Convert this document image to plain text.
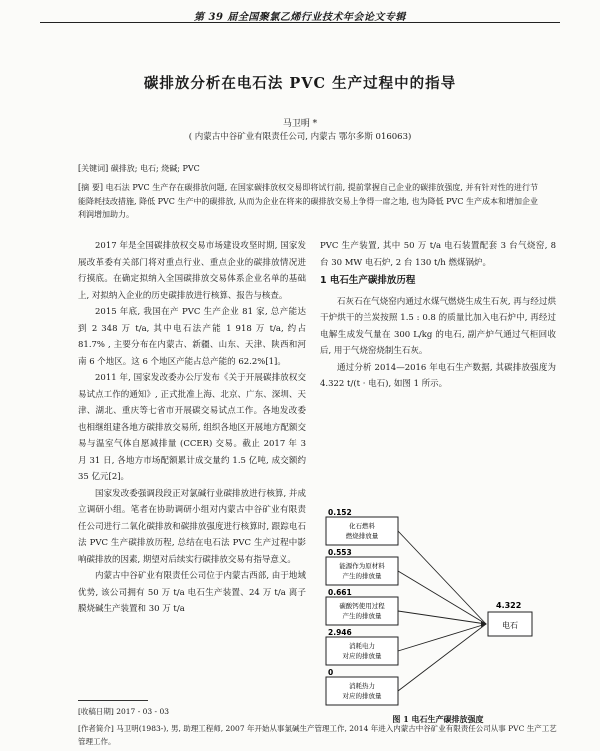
第 39 届全国聚氯乙烯行业技术年会论文专辑
碳排放分析在电石法 PVC 生产过程中的指导
马卫明 *
( 内蒙古中谷矿业有限责任公司, 内蒙古 鄂尔多斯 016063)
[关键词] 碳排放; 电石; 烧碱; PVC
[摘 要] 电石法 PVC 生产存在碳排放问题, 在国家碳排放权交易即将试行前, 提前掌握自己企业的碳排放强度, 并有针对性的进行节能降耗技改措施, 降低 PVC 生产中的碳排放, 从而为企业在将来的碳排放交易上争得一席之地, 也为降低 PVC 生产成本和增加企业利润增加助力。

2017 年是全国碳排放权交易市场建设攻坚时期, 国家发展改革委有关部门将对重点行业、重点企业的碳排放情况进行摸底。在确定拟纳入全国碳排放交易体系企业名单的基础上, 对拟纳入企业的历史碳排放进行核算、报告与核查。

2015 年底, 我国在产 PVC 生产企业 81 家, 总产能达到 2 348 万 t/a, 其中电石法产能 1 918 万 t/a, 约占 81.7% , 主要分布在内蒙古、新疆、山东、天津、陕西和河南 6 个地区。这 6 个地区产能占总产能的 62.2%[1]。

2011 年, 国家发改委办公厅发布《关于开展碳排放权交易试点工作的通知》, 正式批准上海、北京、广东、深圳、天津、湖北、重庆等七省市开展碳交易试点工作。各地发改委也相继组建各地方碳排放交易所, 组织各地区开展地方配额交易与温室气体自愿减排量 (CCER) 交易。截止 2017 年 3 月 31 日, 各地方市场配额累计成交量约 1.5 亿吨, 成交额约 35 亿元[2]。

国家发改委强调段段正对氯碱行业碳排放进行核算, 并成立调研小组。笔者在协助调研小组对内蒙古中谷矿业有限责任公司进行二氧化碳排放和碳排放强度进行核算时, 跟踪电石法 PVC 生产碳排放历程, 总结在电石法 PVC 生产过程中影响碳排放的因素, 期望对后续实行碳排放交易有指导意义。

内蒙古中谷矿业有限责任公司位于内蒙古西部, 由于地域优势, 该公司拥有 50 万 t/a 电石生产装置、24 万 t/a 离子膜烧碱生产装置和 30 万 t/a

PVC 生产装置, 其中 50 万 t/a 电石装置配套 3 台气烧窑, 8 台 30 MW 电石炉, 2 台 130 t/h 燃煤锅炉。

1 电石生产碳排放历程

石灰石在气烧窑内通过水煤气燃烧生成生石灰, 再与经过烘干炉烘干的兰炭按照 1.5 : 0.8 的质量比加入电石炉中, 再经过电解生成发气量在 300 L/kg 的电石, 副产炉气通过气柜回收后, 用于气烧窑烧制生石灰。

通过分析 2014—2016 年电石生产数据, 其碳排放强度为 4.322 t/(t · 电石), 如图 1 所示。

0.152
化石燃料
燃烧排放量
0.553
能源作为原材料
产生的排放量
0.661
碳酸钙使用过程
产生的排放量
2.946
消耗电力
对应的排放量
0
消耗热力
对应的排放量
4.322
电石
图 1 电石生产碳排放强度
[收稿日期] 2017 - 03 - 03
[作者简介] 马卫明(1983-), 男, 助理工程师, 2007 年开始从事氯碱生产管理工作, 2014 年进入内蒙古中谷矿业有限责任公司从事 PVC 生产工艺管理工作。
